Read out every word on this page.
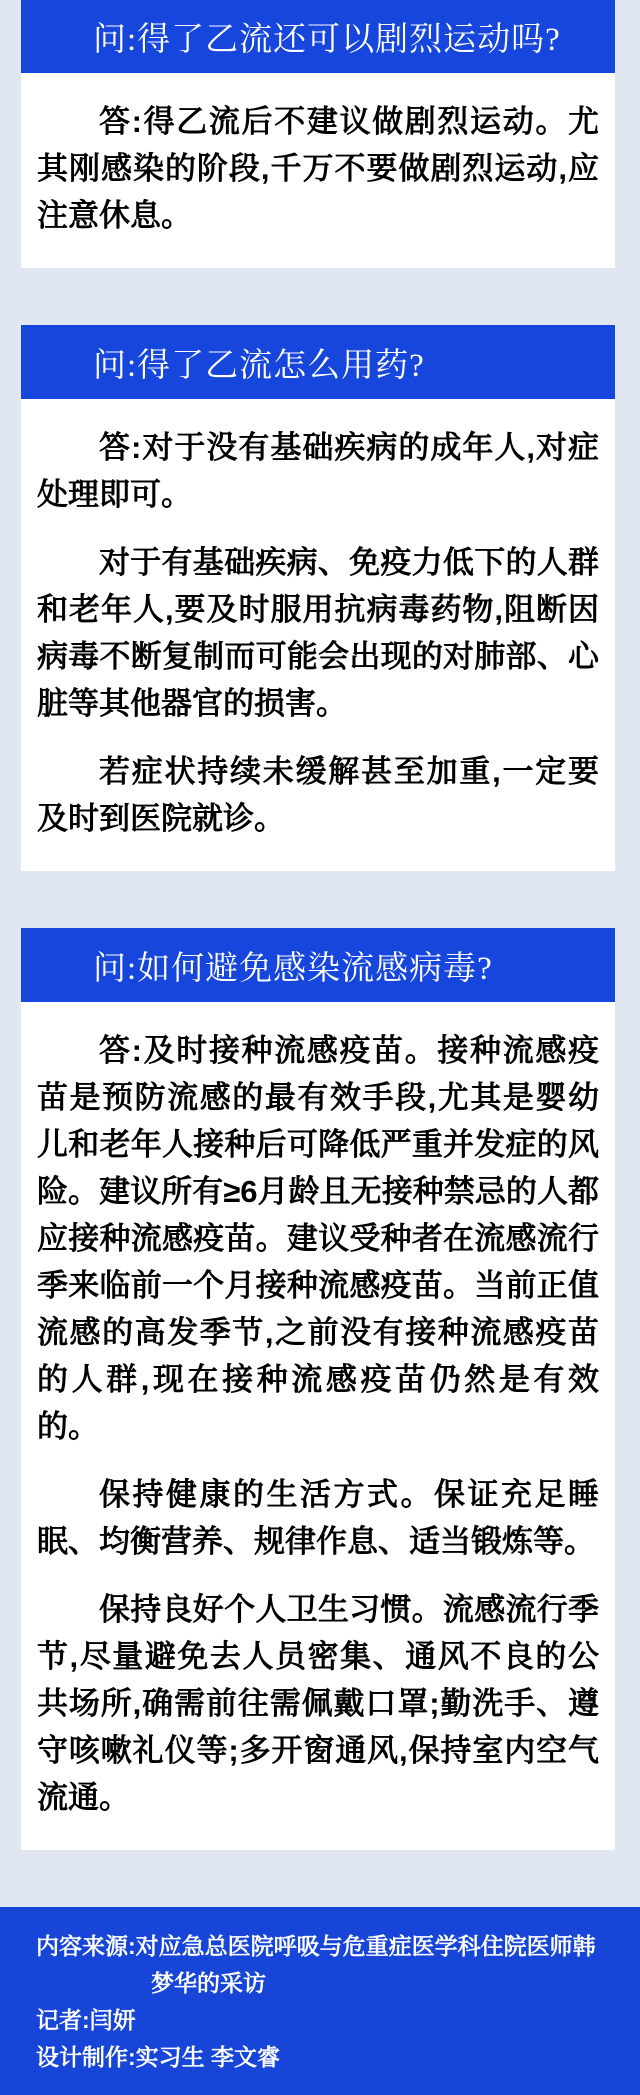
问:得了乙流还可以剧烈运动吗?

答:得乙流后不建议做剧烈运动。尤其刚感染的阶段,千万不要做剧烈运动,应注意休息。

问:得了乙流怎么用药?

答:对于没有基础疾病的成年人,对症处理即可。

对于有基础疾病、免疫力低下的人群和老年人,要及时服用抗病毒药物,阻断因病毒不断复制而可能会出现的对肺部、心脏等其他器官的损害。

若症状持续未缓解甚至加重,一定要及时到医院就诊。

问:如何避免感染流感病毒?

答:及时接种流感疫苗。接种流感疫苗是预防流感的最有效手段,尤其是婴幼儿和老年人接种后可降低严重并发症的风险。建议所有≥6月龄且无接种禁忌的人都应接种流感疫苗。建议受种者在流感流行季来临前一个月接种流感疫苗。当前正值流感的高发季节,之前没有接种流感疫苗的人群,现在接种流感疫苗仍然是有效的。

保持健康的生活方式。保证充足睡眠、均衡营养、规律作息、适当锻炼等。

保持良好个人卫生习惯。流感流行季节,尽量避免去人员密集、通风不良的公共场所,确需前往需佩戴口罩;勤洗手、遵守咳嗽礼仪等;多开窗通风,保持室内空气流通。

内容来源:对应急总医院呼吸与危重症医学科住院医师韩梦华的采访

记者:闫妍

设计制作:实习生 李文睿
